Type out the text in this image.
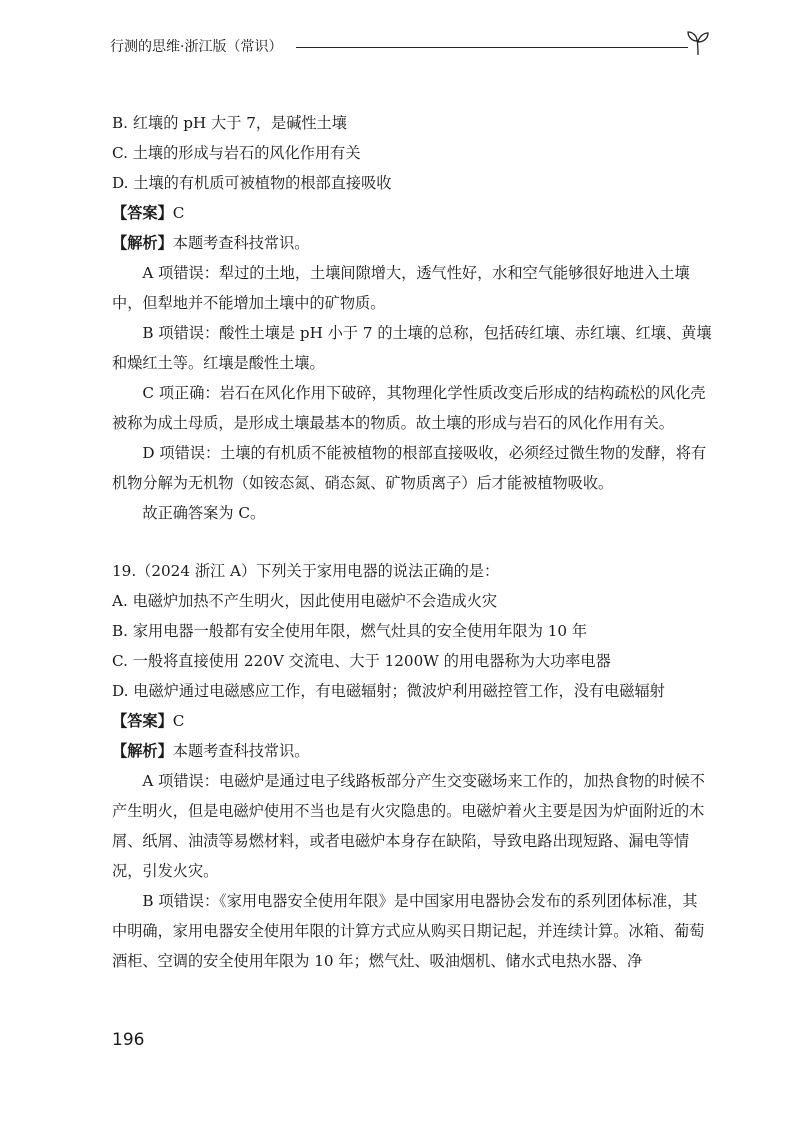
行测的思维·浙江版（常识）

B. 红壤的 pH 大于 7，是碱性土壤

C. 土壤的形成与岩石的风化作用有关

D. 土壤的有机质可被植物的根部直接吸收

【答案】C

【解析】本题考查科技常识。

A 项错误：犁过的土地，土壤间隙增大，透气性好，水和空气能够很好地进入土壤中，但犁地并不能增加土壤中的矿物质。

B 项错误：酸性土壤是 pH 小于 7 的土壤的总称，包括砖红壤、赤红壤、红壤、黄壤和燥红土等。红壤是酸性土壤。

C 项正确：岩石在风化作用下破碎，其物理化学性质改变后形成的结构疏松的风化壳被称为成土母质，是形成土壤最基本的物质。故土壤的形成与岩石的风化作用有关。

D 项错误：土壤的有机质不能被植物的根部直接吸收，必须经过微生物的发酵，将有机物分解为无机物（如铵态氮、硝态氮、矿物质离子）后才能被植物吸收。

故正确答案为 C。

19.（2024 浙江 A）下列关于家用电器的说法正确的是：

A. 电磁炉加热不产生明火，因此使用电磁炉不会造成火灾

B. 家用电器一般都有安全使用年限，燃气灶具的安全使用年限为 10 年

C. 一般将直接使用 220V 交流电、大于 1200W 的用电器称为大功率电器

D. 电磁炉通过电磁感应工作，有电磁辐射；微波炉利用磁控管工作，没有电磁辐射

【答案】C

【解析】本题考查科技常识。

A 项错误：电磁炉是通过电子线路板部分产生交变磁场来工作的，加热食物的时候不产生明火，但是电磁炉使用不当也是有火灾隐患的。电磁炉着火主要是因为炉面附近的木屑、纸屑、油渍等易燃材料，或者电磁炉本身存在缺陷，导致电路出现短路、漏电等情况，引发火灾。

B 项错误：《家用电器安全使用年限》是中国家用电器协会发布的系列团体标准，其中明确，家用电器安全使用年限的计算方式应从购买日期记起，并连续计算。冰箱、葡萄酒柜、空调的安全使用年限为 10 年；燃气灶、吸油烟机、储水式电热水器、净

196
